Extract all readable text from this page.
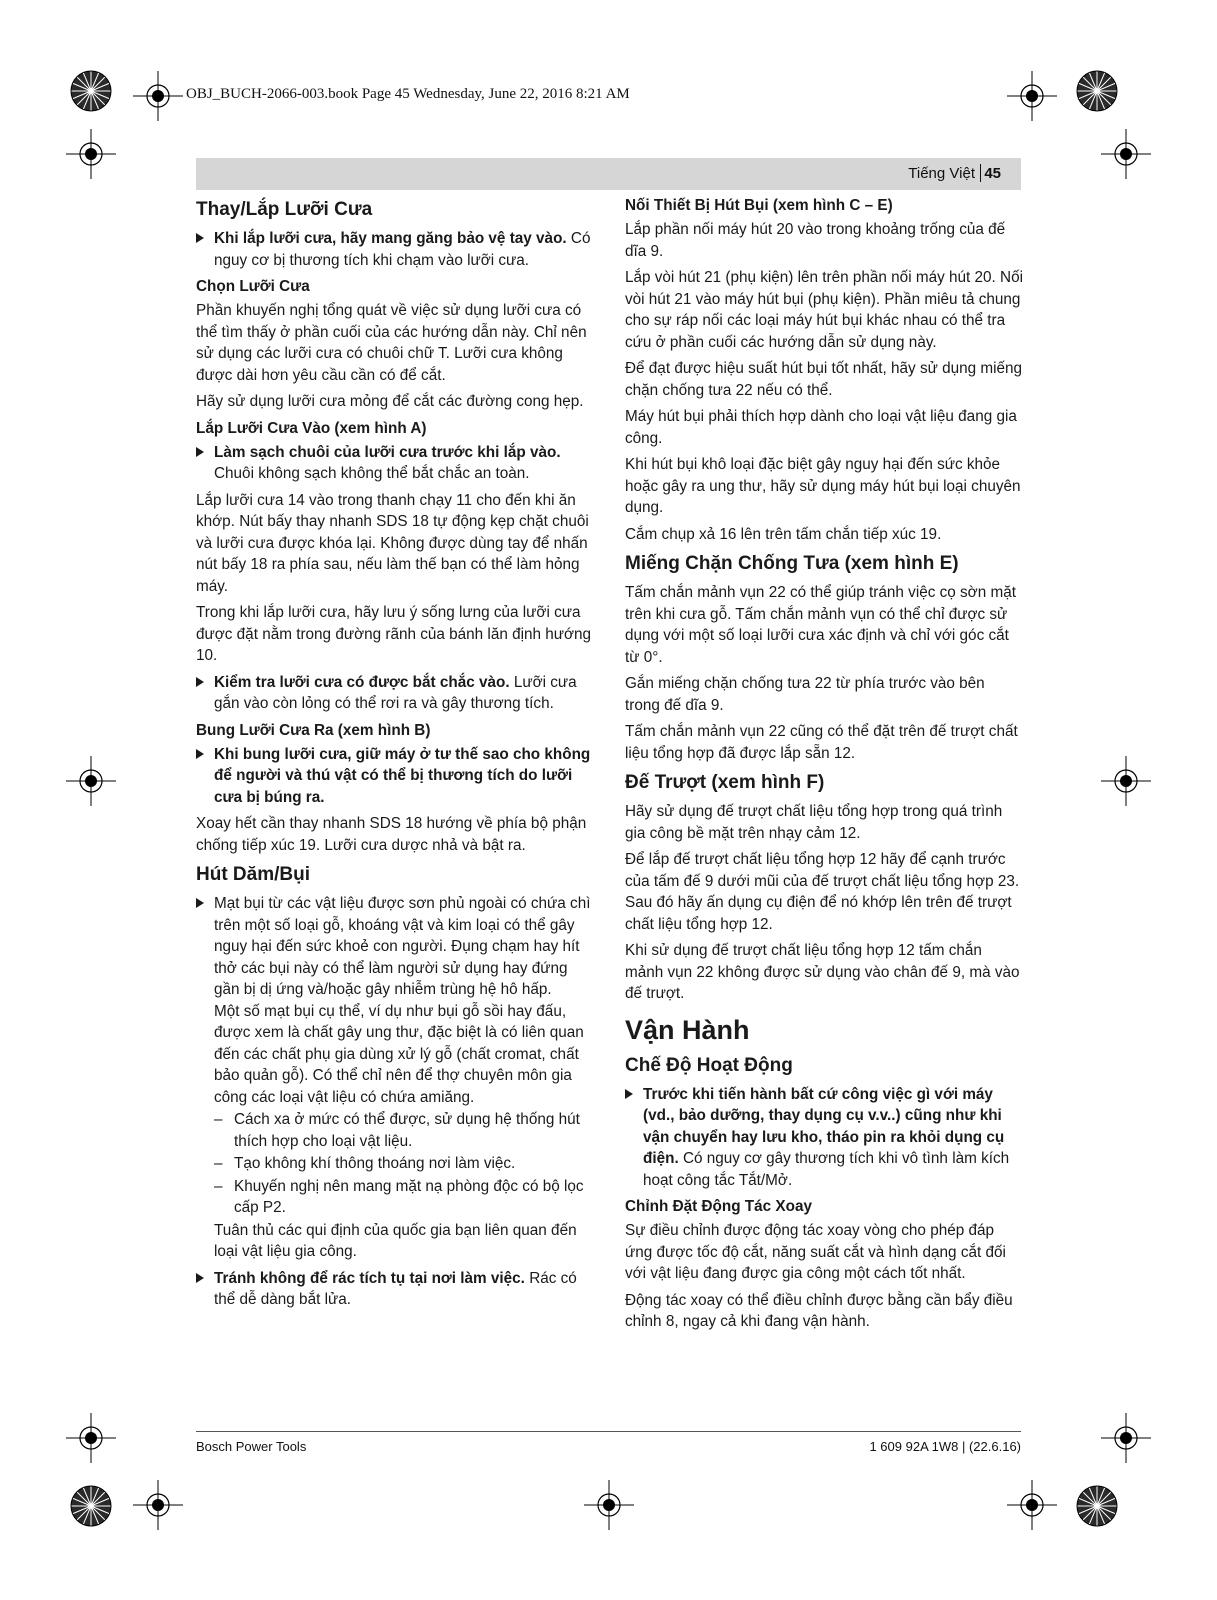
OBJ_BUCH-2066-003.book Page 45 Wednesday, June 22, 2016 8:21 AM
Tiếng Việt 45
Thay/Lắp Lưỡi Cưa
Khi lắp lưỡi cưa, hãy mang găng bảo vệ tay vào. Có nguy cơ bị thương tích khi chạm vào lưỡi cưa.
Chọn Lưỡi Cưa

Phần khuyến nghị tổng quát về việc sử dụng lưỡi cưa có thể tìm thấy ở phần cuối của các hướng dẫn này. Chỉ nên sử dụng các lưỡi cưa có chuôi chữ T. Lưỡi cưa không được dài hơn yêu cầu cần có để cắt.

Hãy sử dụng lưỡi cưa mỏng để cắt các đường cong hẹp.

Lắp Lưỡi Cưa Vào (xem hình A)
Làm sạch chuôi của lưỡi cưa trước khi lắp vào. Chuôi không sạch không thể bắt chắc an toàn.

Lắp lưỡi cưa 14 vào trong thanh chạy 11 cho đến khi ăn khớp. Nút bấy thay nhanh SDS 18 tự động kẹp chặt chuôi và lưỡi cưa được khóa lại. Không được dùng tay để nhấn nút bấy 18 ra phía sau, nếu làm thế bạn có thể làm hỏng máy.

Trong khi lắp lưỡi cưa, hãy lưu ý sống lưng của lưỡi cưa được đặt nằm trong đường rãnh của bánh lăn định hướng 10.

Kiểm tra lưỡi cưa có được bắt chắc vào. Lưỡi cưa gắn vào còn lỏng có thể rơi ra và gây thương tích.
Bung Lưỡi Cưa Ra (xem hình B)
Khi bung lưỡi cưa, giữ máy ở tư thế sao cho không để người và thú vật có thể bị thương tích do lưỡi cưa bị búng ra.

Xoay hết cần thay nhanh SDS 18 hướng về phía bộ phận chống tiếp xúc 19. Lưỡi cưa dược nhả và bật ra.

Hút Dăm/Bụi
Mạt bụi từ các vật liệu được sơn phủ ngoài có chứa chì trên một số loại gỗ, khoáng vật và kim loại có thể gây nguy hại đến sức khoẻ con người. Đụng chạm hay hít thở các bụi này có thể làm người sử dụng hay đứng gần bị dị ứng và/hoặc gây nhiễm trùng hệ hô hấp.

Một số mạt bụi cụ thể, ví dụ như bụi gỗ sồi hay đấu, được xem là chất gây ung thư, đặc biệt là có liên quan đến các chất phụ gia dùng xử lý gỗ (chất cromat, chất bảo quản gỗ). Có thể chỉ nên để thợ chuyên môn gia công các loại vật liệu có chứa amiăng.

– Cách xa ở mức có thể được, sử dụng hệ thống hút thích hợp cho loại vật liệu.
– Tạo không khí thông thoáng nơi làm việc.
– Khuyến nghị nên mang mặt nạ phòng độc có bộ lọc cấp P2.

Tuân thủ các qui định của quốc gia bạn liên quan đến loại vật liệu gia công.

Tránh không để rác tích tụ tại nơi làm việc. Rác có thể dễ dàng bắt lửa.
Nối Thiết Bị Hút Bụi (xem hình C – E)

Lắp phần nối máy hút 20 vào trong khoảng trống của đế dĩa 9.

Lắp vòi hút 21 (phụ kiện) lên trên phần nối máy hút 20. Nối vòi hút 21 vào máy hút bụi (phụ kiện). Phần miêu tả chung cho sự ráp nối các loại máy hút bụi khác nhau có thể tra cứu ở phần cuối các hướng dẫn sử dụng này.

Để đạt được hiệu suất hút bụi tốt nhất, hãy sử dụng miếng chặn chống tưa 22 nếu có thể.

Máy hút bụi phải thích hợp dành cho loại vật liệu đang gia công.

Khi hút bụi khô loại đặc biệt gây nguy hại đến sức khỏe hoặc gây ra ung thư, hãy sử dụng máy hút bụi loại chuyên dụng.

Cắm chụp xả 16 lên trên tấm chắn tiếp xúc 19.

Miếng Chặn Chống Tưa (xem hình E)

Tấm chắn mảnh vụn 22 có thể giúp tránh việc cọ sờn mặt trên khi cưa gỗ. Tấm chắn mảnh vụn có thể chỉ được sử dụng với một số loại lưỡi cưa xác định và chỉ với góc cắt từ 0°.

Gắn miếng chặn chống tưa 22 từ phía trước vào bên trong đế dĩa 9.

Tấm chắn mảnh vụn 22 cũng có thể đặt trên đế trượt chất liệu tổng hợp đã được lắp sẵn 12.

Đế Trượt (xem hình F)

Hãy sử dụng đế trượt chất liệu tổng hợp trong quá trình gia công bề mặt trên nhạy cảm 12.

Để lắp đế trượt chất liệu tổng hợp 12 hãy để cạnh trước của tấm đế 9 dưới mũi của đế trượt chất liệu tổng hợp 23. Sau đó hãy ấn dụng cụ điện để nó khớp lên trên đế trượt chất liệu tổng hợp 12.

Khi sử dụng đế trượt chất liệu tổng hợp 12 tấm chắn mảnh vụn 22 không được sử dụng vào chân đế 9, mà vào đế trượt.

Vận Hành
Chế Độ Hoạt Động
Trước khi tiến hành bất cứ công việc gì với máy (vd., bảo dưỡng, thay dụng cụ v.v..) cũng như khi vận chuyển hay lưu kho, tháo pin ra khỏi dụng cụ điện. Có nguy cơ gây thương tích khi vô tình làm kích hoạt công tắc Tắt/Mở.
Chỉnh Đặt Động Tác Xoay

Sự điều chỉnh được động tác xoay vòng cho phép đáp ứng được tốc độ cắt, năng suất cắt và hình dạng cắt đối với vật liệu đang được gia công một cách tốt nhất.

Động tác xoay có thể điều chỉnh được bằng cần bẩy điều chỉnh 8, ngay cả khi đang vận hành.

Bosch Power Tools	1 609 92A 1W8 | (22.6.16)
